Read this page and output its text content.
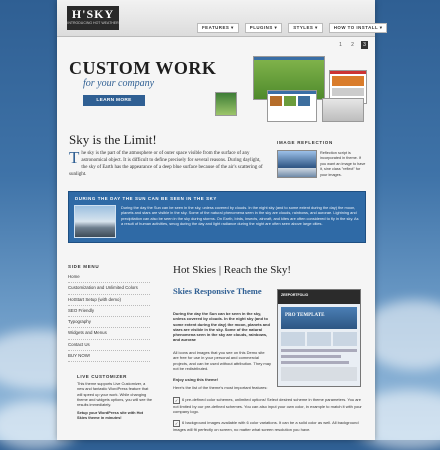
H'SKY
INTRODUCING HOT WEATHER
FEATURES ▾	PLUGINS ▾	STYLES ▾	HOW TO INSTALL ▾
1	2	3
CUSTOM WORK
for your company
LEARN MORE
Sky is the Limit!
The sky is the part of the atmosphere or of outer space visible from the surface of any astronomical object. It is difficult to define precisely for several reasons. During daylight, the sky of Earth has the appearance of a deep blue surface because of the air's scattering of sunlight.
IMAGE REFLECTION
Reflection script is incorporated in theme. If you want an image to have it, sine class "reflect" for your images.
DURING THE DAY THE SUN CAN BE SEEN IN THE SKY
During the day the Sun can be seen in the sky, unless covered by clouds. In the night sky (and to some extent during the day) the moon, planets and stars are visible in the sky. Some of the natural phenomena seen in the sky are clouds, rainbows, and aurorae. Lightning and precipitation can also be seen in the sky during storms. On Earth, birds, insects, aircraft, and kites are often considered to fly in the sky. As a result of human activities, smog during the day and light radiance during the night are often seen above large cities.
SIDE MENU
Home
Customization and Unlimited Colors
HotStart Setup (with demo)
SEO Friendly
Typography
Widgets and Menus
Contact Us
BUY NOW!
LIVE CUSTOMIZER
This theme supports Live Customizer, a new and fantastic WordPress feature that will speed up your work. While changing theme and widgets options, you will see the results immediately.
Setup your WordPress site with Hot Skies theme in minutes!
Hot Skies | Reach the Sky!
Skies Responsive Theme
During the day the Sun can be seen in the sky, unless covered by clouds. In the night sky (and to some extent during the day) the moon, planets and stars are visible in the sky. Some of the natural phenomena seen in the sky are clouds, rainbows, and aurorae
All icons and images that you see on this Demo site are free for use in your personal and commercial projects, and can be used without attribution. They may not be redistributed.
Enjoy using this theme!
Here's the list of the theme's most important features:
ZEEPORTFOLIO
PRO TEMPLATE
✓ 6 pre-defined color schemes, unlimited options! Select desired scheme in theme parameters. You are not limited by our pre-defined schemes. You can also input your own color, in example to match it with your company logo.
✓ 6 background images available with 6 color variations. It can be a solid color as well. All background images will fit perfectly on screen, no matter what screen resolution you have.
